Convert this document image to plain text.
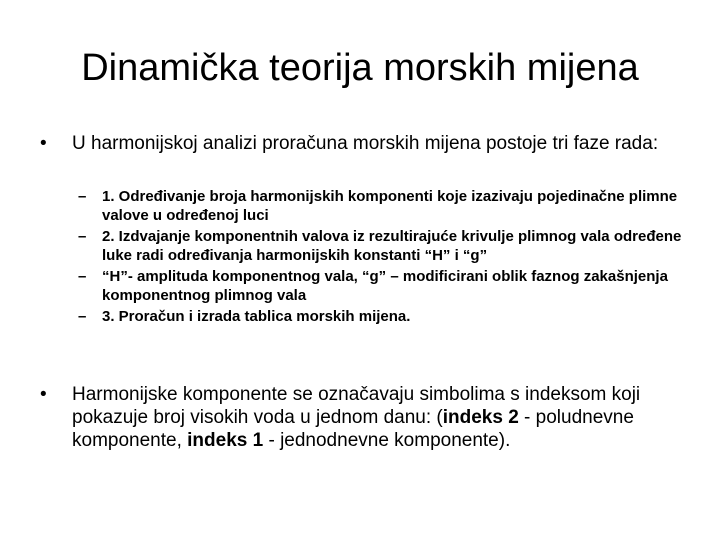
Dinamička teorija morskih mijena
•	U harmonijskoj analizi proračuna morskih mijena postoje tri faze rada:
–	1. Određivanje broja harmonijskih komponenti koje izazivaju pojedinačne plimne valove u određenoj luci
–	2. Izdvajanje komponentnih valova iz rezultirajuće krivulje plimnog vala određene luke radi određivanja harmonijskih konstanti “H” i “g”
–	“H”- amplituda komponentnog vala, “g” – modificirani oblik faznog zakašnjenja komponentnog plimnog vala
–	3. Proračun i izrada tablica morskih mijena.
•	Harmonijske komponente se označavaju simbolima s indeksom koji pokazuje broj visokih voda u jednom danu: (indeks 2 - poludnevne komponente, indeks 1 - jednodnevne komponente).
